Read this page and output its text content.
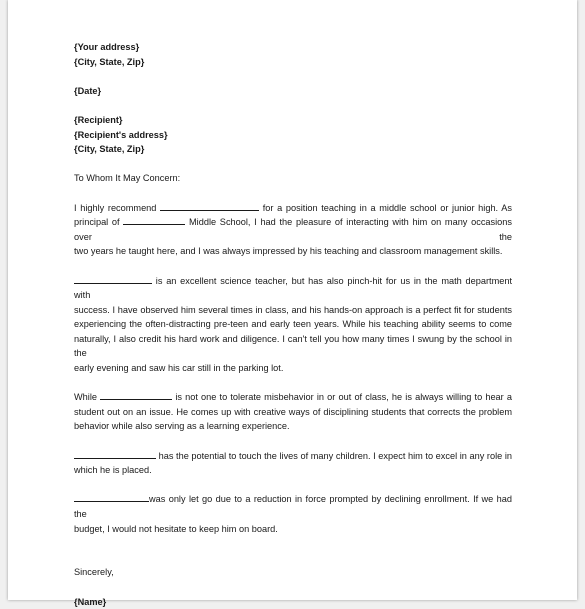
{Your address}
{City, State, Zip}
{Date}
{Recipient}
{Recipient's address}
{City, State, Zip}
To Whom It May Concern:
I highly recommend	for a position teaching in a middle school or junior high. As
principal of	Middle School, I had the pleasure of interacting with him on many occasions over the
two years he taught here, and I was always impressed by his teaching and classroom management skills.
is an excellent science teacher, but has also pinch-hit for us in the math department with
success. I have observed him several times in class, and his hands-on approach is a perfect fit for students
experiencing the often-distracting pre-teen and early teen years. While his teaching ability seems to come
naturally, I also credit his hard work and diligence. I can't tell you how many times I swung by the school in the
early evening and saw his car still in the parking lot.
While	is not one to tolerate misbehavior in or out of class, he is always willing to hear a
student out on an issue. He comes up with creative ways of disciplining students that corrects the problem
behavior while also serving as a learning experience.
has the potential to touch the lives of many children. I expect him to excel in any role in
which he is placed.
was only let go due to a reduction in force prompted by declining enrollment. If we had the
budget, I would not hesitate to keep him on board.
Sincerely,
{Name}
